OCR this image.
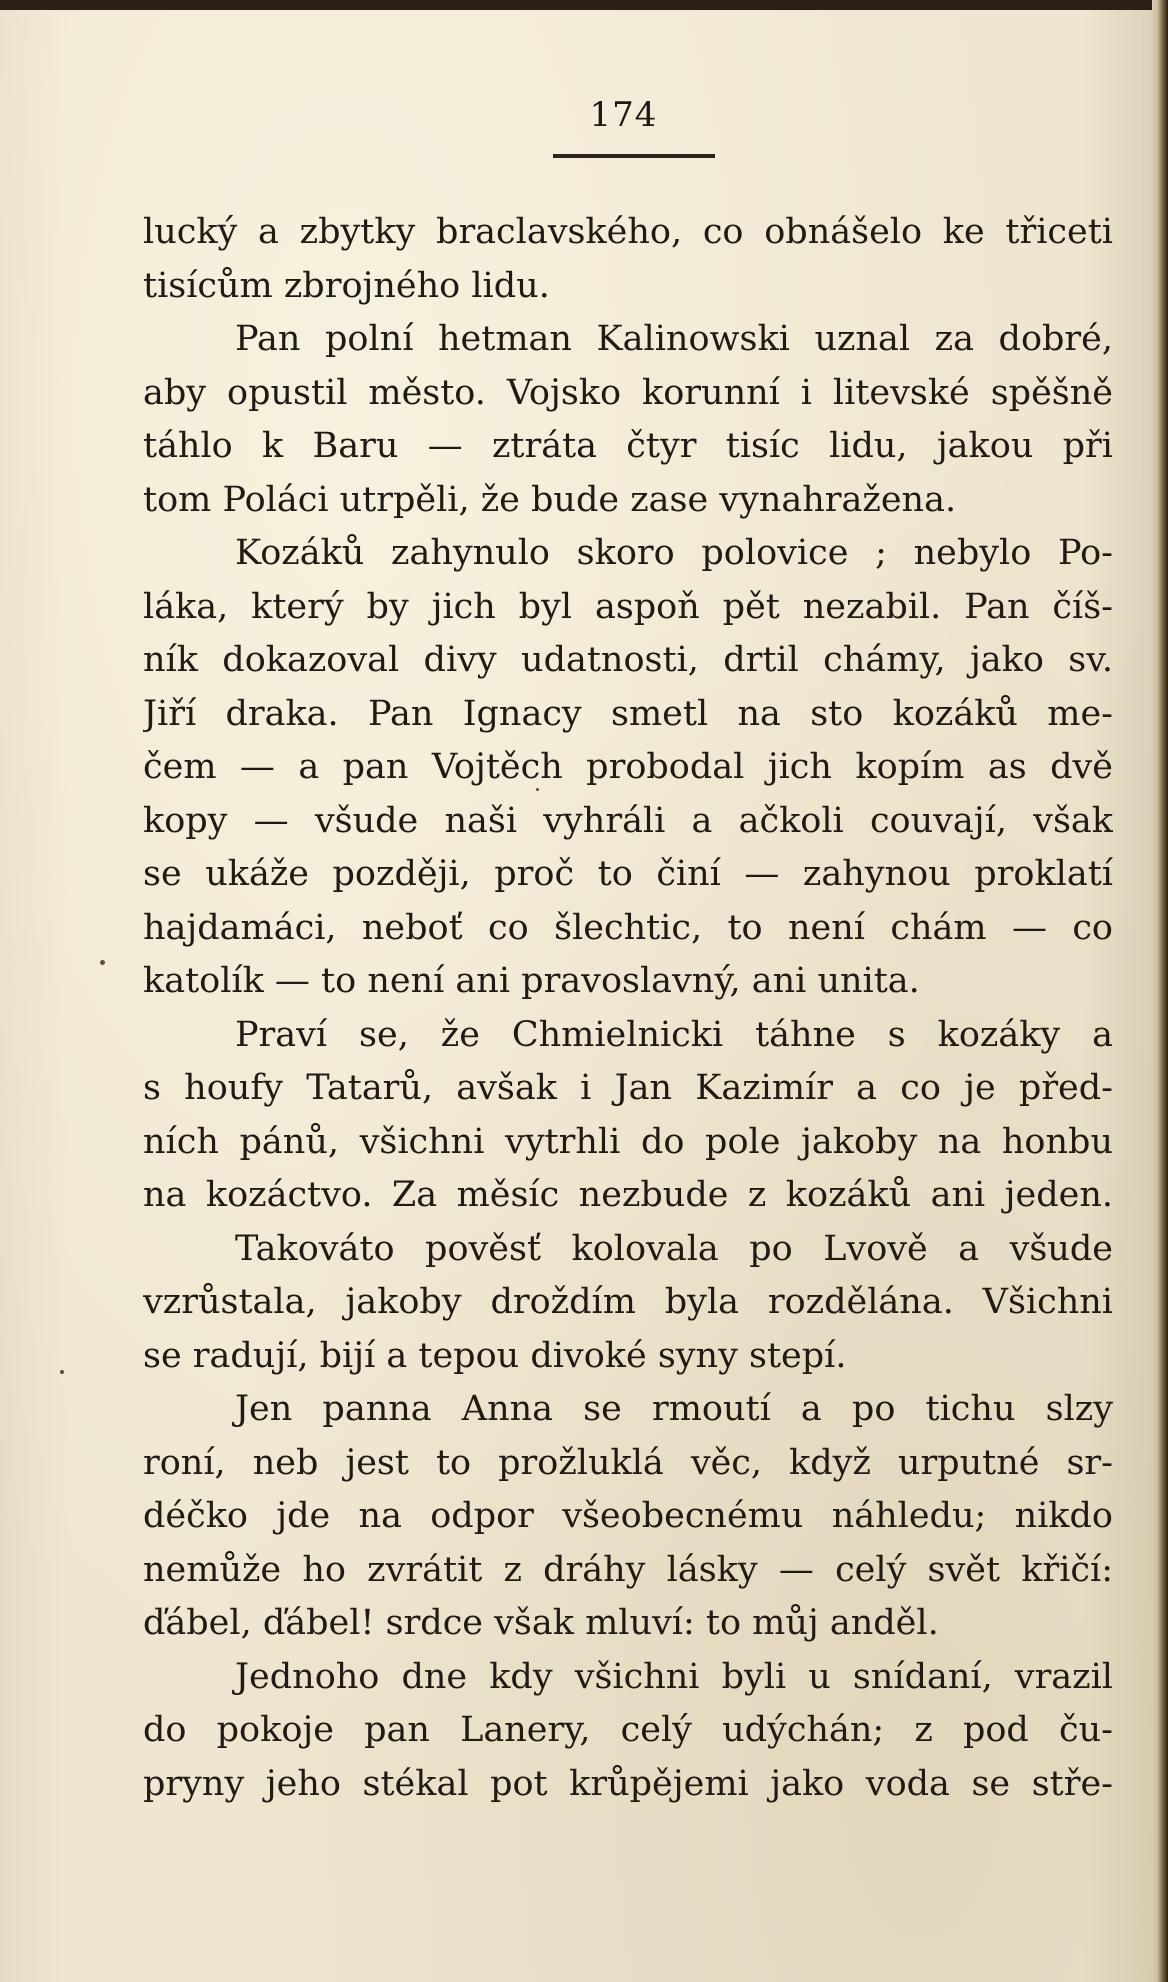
174
lucký a zbytky braclavského, co obnášelo ke třiceti
tisícům zbrojného lidu.
Pan polní hetman Kalinowski uznal za dobré,
aby opustil město. Vojsko korunní i litevské spěšně
táhlo k Baru — ztráta čtyr tisíc lidu, jakou při
tom Poláci utrpěli, že bude zase vynahražena.
Kozáků zahynulo skoro polovice ; nebylo Po-
láka, který by jich byl aspoň pět nezabil. Pan číš-
ník dokazoval divy udatnosti, drtil chámy, jako sv.
Jiří draka. Pan Ignacy smetl na sto kozáků me-
čem — a pan Vojtěch probodal jich kopím as dvě
kopy — všude naši vyhráli a ačkoli couvají, však
se ukáže později, proč to činí — zahynou proklatí
hajdamáci, neboť co šlechtic, to není chám — co
katolík — to není ani pravoslavný, ani unita.
Praví se, že Chmielnicki táhne s kozáky a
s houfy Tatarů, avšak i Jan Kazimír a co je před-
ních pánů, všichni vytrhli do pole jakoby na honbu
na kozáctvo. Za měsíc nezbude z kozáků ani jeden.
Takováto pověsť kolovala po Lvově a všude
vzrůstala, jakoby droždím byla rozdělána. Všichni
se radují, bijí a tepou divoké syny stepí.
Jen panna Anna se rmoutí a po tichu slzy
roní, neb jest to prožluklá věc, když urputné sr-
déčko jde na odpor všeobecnému náhledu; nikdo
nemůže ho zvrátit z dráhy lásky — celý svět křičí:
ďábel, ďábel! srdce však mluví: to můj anděl.
Jednoho dne kdy všichni byli u snídaní, vrazil
do pokoje pan Lanery, celý udýchán; z pod ču-
pryny jeho stékal pot krůpějemi jako voda se stře-
